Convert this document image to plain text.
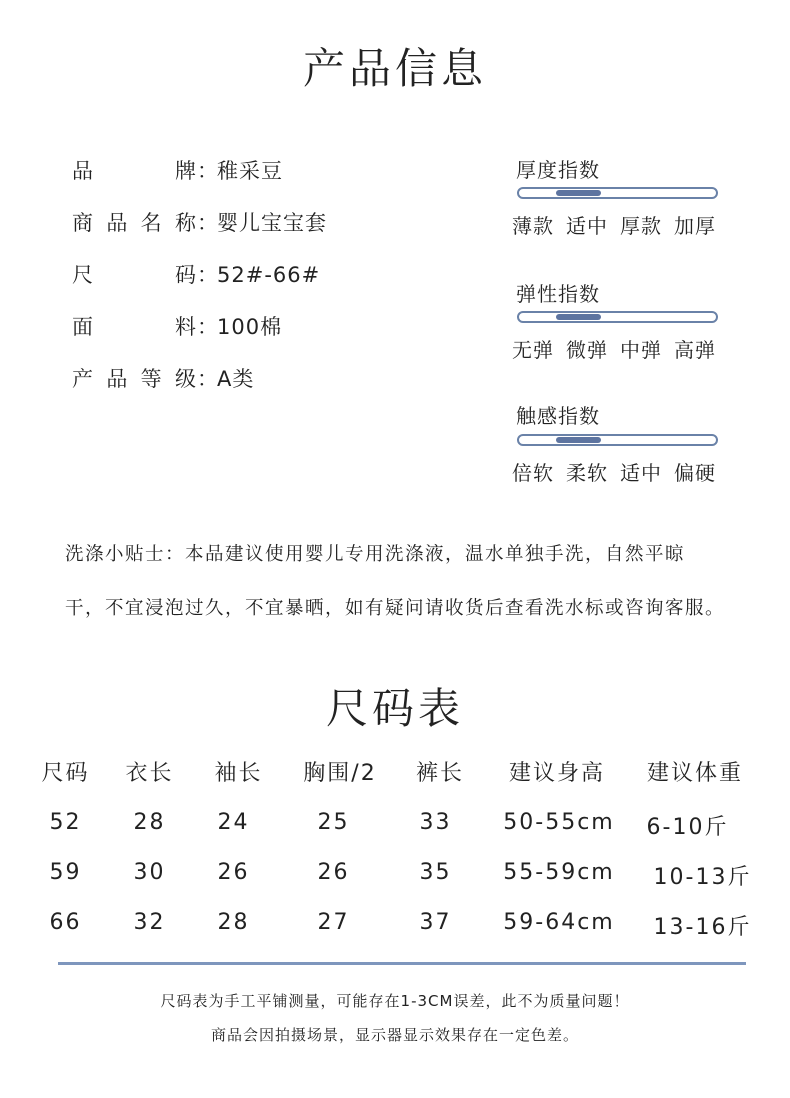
产品信息
品牌：稚采豆
商品名称：婴儿宝宝套
尺码：52#-66#
面料：100棉
产品等级：A类
厚度指数
薄款 适中 厚款 加厚
弹性指数
无弹 微弹 中弹 高弹
触感指数
倍软 柔软 适中 偏硬
洗涤小贴士：本品建议使用婴儿专用洗涤液，温水单独手洗，自然平晾
干，不宜浸泡过久，不宜暴晒，如有疑问请收货后查看洗水标或咨询客服。
尺码表
尺码	衣长	袖长	胸围/2	裤长	建议身高	建议体重
52	28	24	25	33	50-55cm	6-10斤
59	30	26	26	35	55-59cm	10-13斤
66	32	28	27	37	59-64cm	13-16斤
尺码表为手工平铺测量，可能存在1-3CM误差，此不为质量问题！
商品会因拍摄场景，显示器显示效果存在一定色差。
